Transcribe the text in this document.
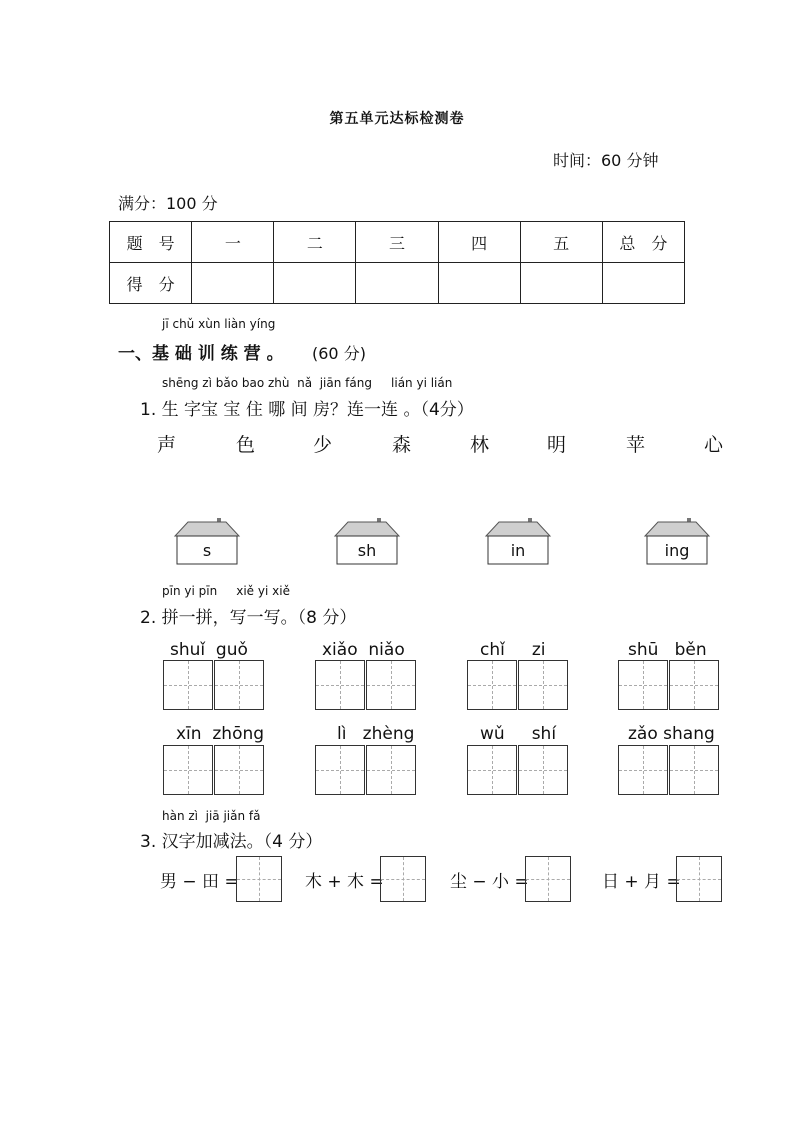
第五单元达标检测卷
时间：60 分钟
满分：100 分
题　号	一	二	三	四	五	总　分
得　分						
jī chǔ xùn liàn yíng
一、基 础 训 练 营 。 (60 分)
shēng zì bǎo bao zhù  nǎ  jiān fáng     lián yi lián
1. 生 字宝 宝 住 哪 间 房？连一连 。（4分）
声	色	少	森	林	明	苹	心
s	sh	in	ing
pīn yi pīn     xiě yi xiě
2. 拼一拼，写一写。（8 分）
shuǐ  guǒ	xiǎo  niǎo	chǐ     zi	shū   běn
xīn  zhōng	lì   zhèng	wǔ     shí	zǎo shang
hàn zì  jiā jiǎn fǎ
3. 汉字加减法。（4 分）
男 − 田 =	木 + 木 =	尘 − 小 =	日 + 月 =
